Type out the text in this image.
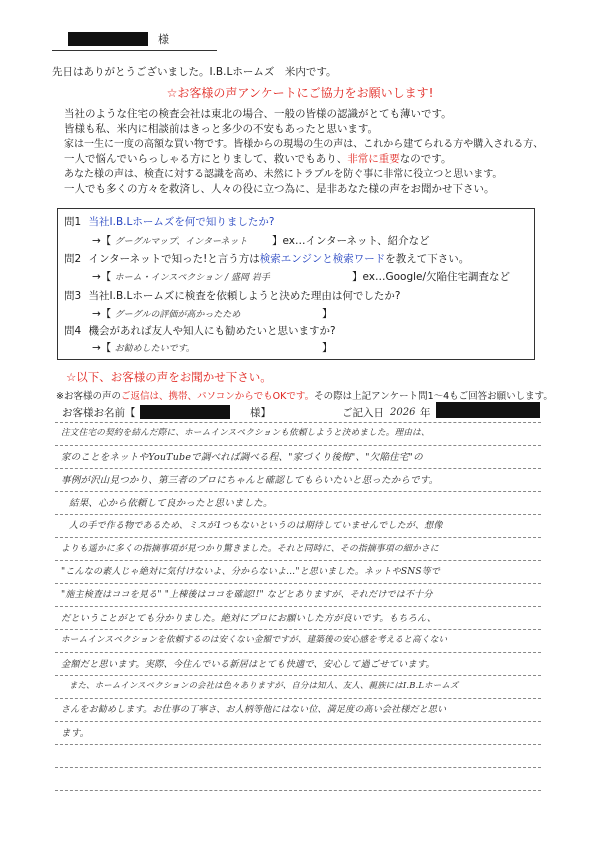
様
先日はありがとうございました。I.B.Lホームズ　米内です。
☆お客様の声アンケートにご協力をお願いします!
当社のような住宅の検査会社は東北の場合、一般の皆様の認識がとても薄いです。
皆様も私、米内に相談前はきっと多少の不安もあったと思います。
家は一生に一度の高額な買い物です。皆様からの現場の生の声は、これから建てられる方や購入される方、
一人で悩んでいらっしゃる方にとりまして、救いでもあり、非常に重要なのです。
あなた様の声は、検査に対する認識を高め、未然にトラブルを防ぐ事に非常に役立つと思います。
一人でも多くの方々を救済し、人々の役に立つ為に、是非あなた様の声をお聞かせ下さい。
問1 当社I.B.Lホームズを何で知りましたか?
→【 グーグルマップ、インターネット 】ex…インターネット、紹介など
問2 インターネットで知った!と言う方は検索エンジンと検索ワードを教えて下さい。
→【 ホーム・インスペクション / 盛岡 岩手	】ex…Google/欠陥住宅調査など
問3 当社I.B.Lホームズに検査を依頼しようと決めた理由は何でしたか?
→【 グーグルの評価が高かったため	】
問4 機会があれば友人や知人にも勧めたいと思いますか?
→【 お勧めしたいです。	】
☆以下、お客様の声をお聞かせ下さい。
※お客様の声のご返信は、携帯、パソコンからでもOKです。その際は上記アンケート問1～4もご回答お願いします。
お客様お名前【	様】	ご記入日 2026 年
注文住宅の契約を結んだ際に、ホームインスペクションも依頼しようと決めました。理由は、
家のことをネットやYouTubeで調べれば調べる程、"家づくり後悔"、"欠陥住宅"の
事例が沢山見つかり、第三者のプロにちゃんと確認してもらいたいと思ったからです。
結果、心から依頼して良かったと思いました。
人の手で作る物であるため、ミスが1つもないというのは期待していませんでしたが、想像
よりも遥かに多くの指摘事項が見つかり驚きました。それと同時に、その指摘事項の細かさに
"こんなの素人じゃ絶対に気付けないよ、分からないよ…"と思いました。ネットやSNS等で
"施主検査はココを見る" "上棟後はココを確認!!" などとありますが、それだけでは不十分
だということがとても分かりました。絶対にプロにお願いした方が良いです。もちろん、
ホームインスペクションを依頼するのは安くない金額ですが、建築後の安心感を考えると高くない
金額だと思います。実際、今住んでいる新居はとても快適で、安心して過ごせています。
また、ホームインスペクションの会社は色々ありますが、自分は知人、友人、親族にはI.B.Lホームズ
さんをお勧めします。お仕事の丁寧さ、お人柄等他にはない位、満足度の高い会社様だと思い
ます。
